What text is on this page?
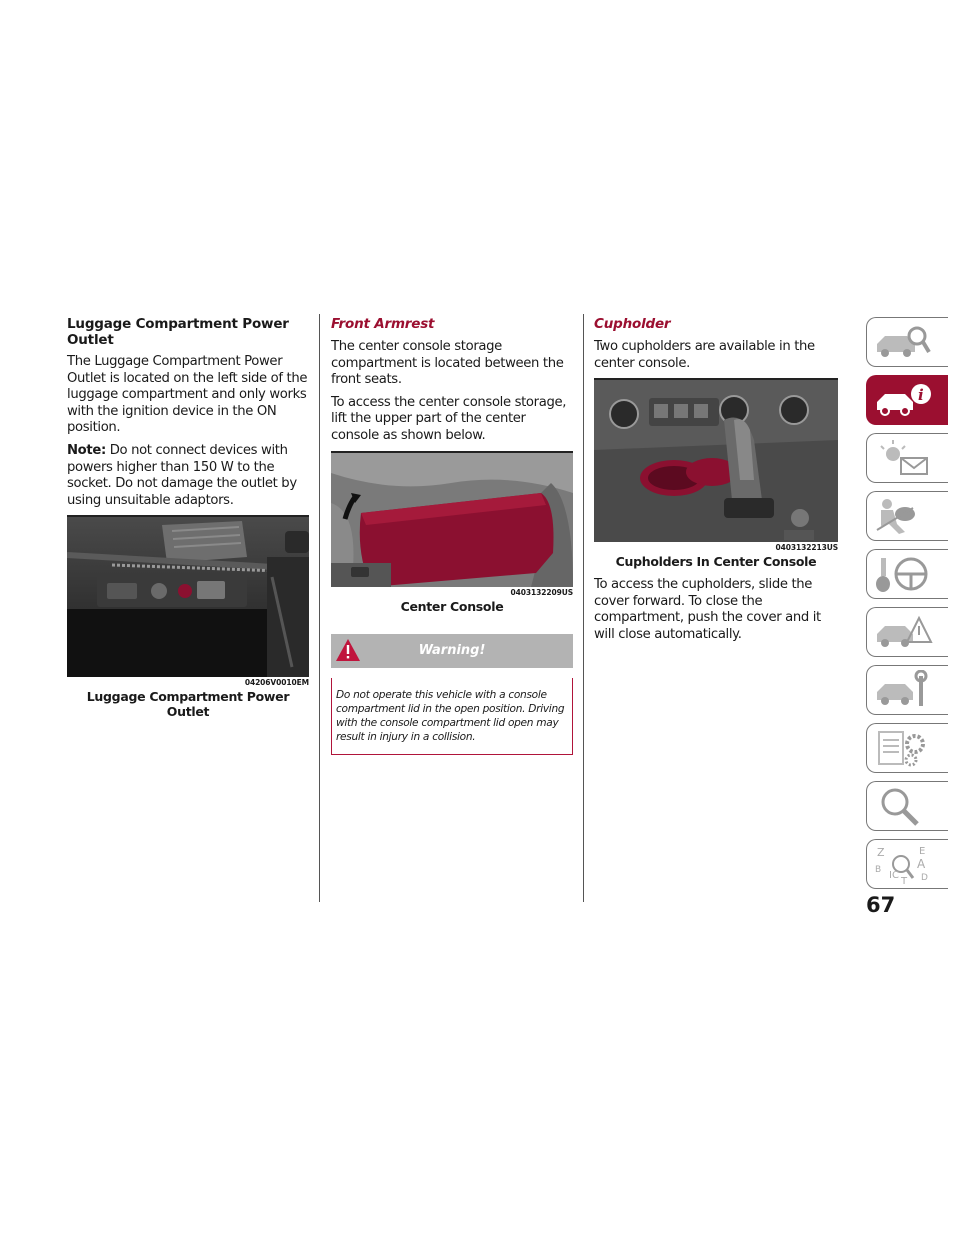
Luggage Compartment Power Outlet

The Luggage Compartment Power Outlet is located on the left side of the luggage compartment and only works with the ignition device in the ON position.

Note: Do not connect devices with powers higher than 150 W to the socket. Do not damage the outlet by using unsuitable adaptors.

04206V0010EM
Luggage Compartment Power Outlet
Front Armrest

The center console storage compartment is located between the front seats.

To access the center console storage, lift the upper part of the center console as shown below.

0403132209US
Center Console
Warning!

Do not operate this vehicle with a console compartment lid in the open position. Driving with the console compartment lid open may result in injury in a collision.

Cupholder

Two cupholders are available in the center console.

0403132213US
Cupholders In Center Console

To access the cupholders, slide the cover forward. To close the compartment, push the cover and it will close automatically.

i
Z	E
B	A
IC
T D
67
